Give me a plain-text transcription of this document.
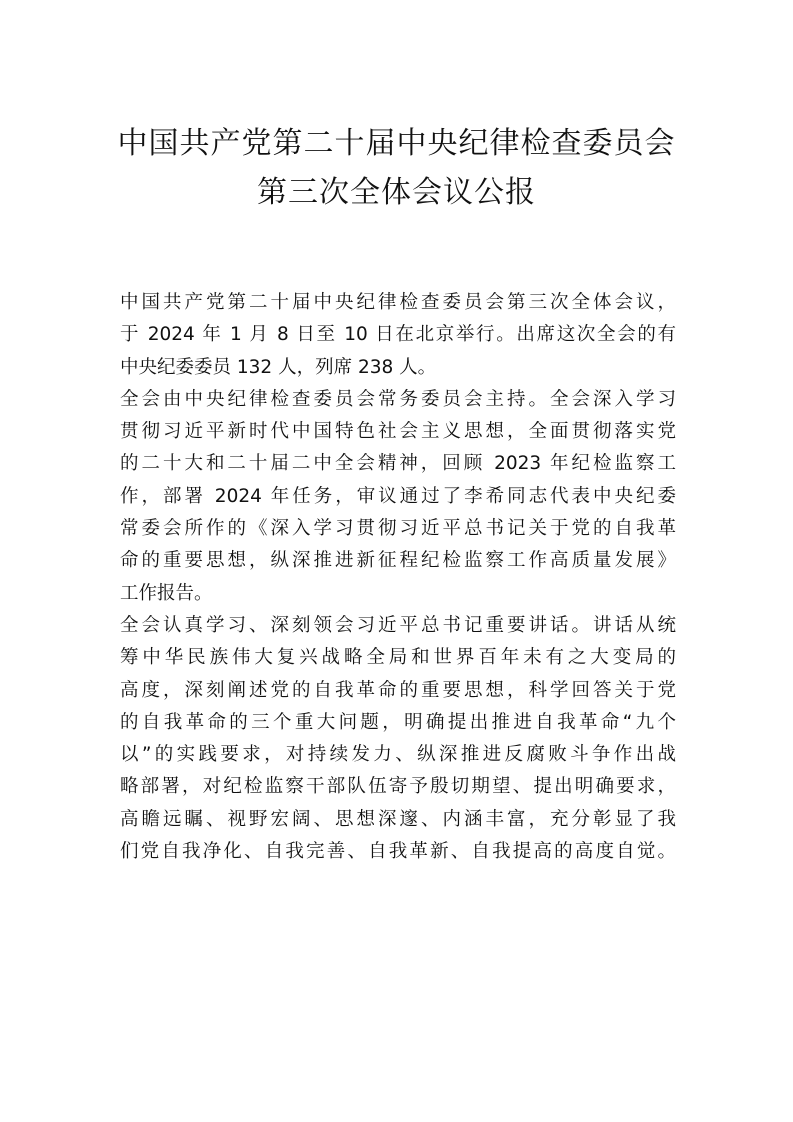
中国共产党第二十届中央纪律检查委员会
第三次全体会议公报
中国共产党第二十届中央纪律检查委员会第三次全体会议，
于 2024 年 1 月 8 日至 10 日在北京举行。出席这次全会的有
中央纪委委员 132 人，列席 238 人。
全会由中央纪律检查委员会常务委员会主持。全会深入学习
贯彻习近平新时代中国特色社会主义思想，全面贯彻落实党
的二十大和二十届二中全会精神，回顾 2023 年纪检监察工
作，部署 2024 年任务，审议通过了李希同志代表中央纪委
常委会所作的《深入学习贯彻习近平总书记关于党的自我革
命的重要思想，纵深推进新征程纪检监察工作高质量发展》
工作报告。
全会认真学习、深刻领会习近平总书记重要讲话。讲话从统
筹中华民族伟大复兴战略全局和世界百年未有之大变局的
高度，深刻阐述党的自我革命的重要思想，科学回答关于党
的自我革命的三个重大问题，明确提出推进自我革命“九个
以”的实践要求，对持续发力、纵深推进反腐败斗争作出战
略部署，对纪检监察干部队伍寄予殷切期望、提出明确要求，
高瞻远瞩、视野宏阔、思想深邃、内涵丰富，充分彰显了我
们党自我净化、自我完善、自我革新、自我提高的高度自觉。
